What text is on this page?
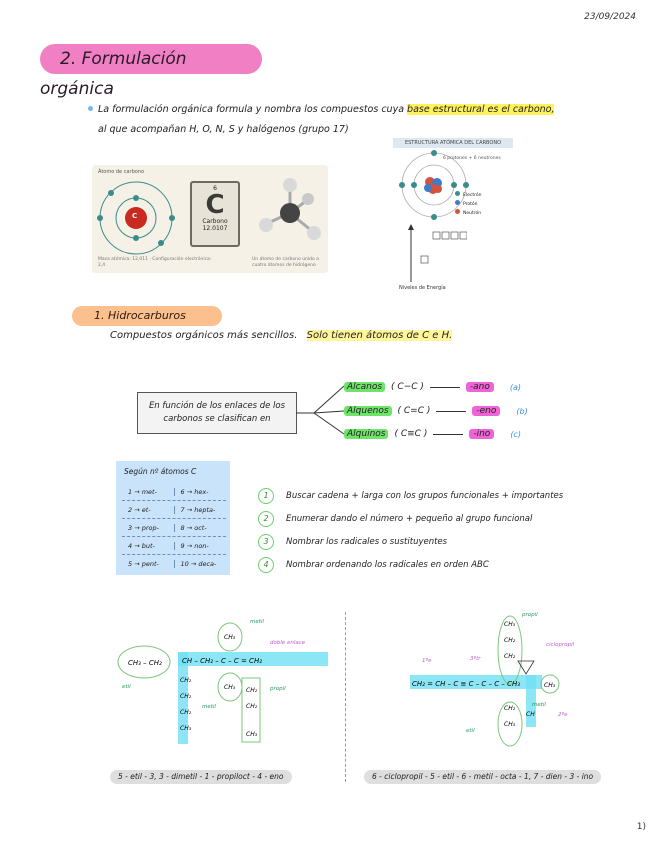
23/09/2024
2. Formulación orgánica
La formulación orgánica formula y nombra los compuestos cuya base estructural es el carbono,
al que acompañan H, O, N, S y halógenos (grupo 17)
Átomo de carbono
C
6
C
Carbono
12.0107
Masa atómica: 12,011 · Configuración electrónica: 2,4
Un átomo de carbono unido a cuatro átomos de hidrógeno
ESTRUCTURA ATÓMICA DEL CARBONO
6 protones + 6 neutrones
Electrón
Protón
Neutrón
Niveles de Energía
1. Hidrocarburos
Compuestos orgánicos más sencillos. Solo tienen átomos de C e H.
En función de los enlaces de los carbonos se clasifican en
Alcanos	( C−C )	-ano	(a)
Alquenos	( C=C )	-eno	(b)
Alquinos	( C≡C )	-ino	(c)
Según nº átomos C
1 → met-	6 → hex-
2 → et-	7 → hepta-
3 → prop-	8 → oct-
4 → but-	9 → non-
5 → pent-	10 → deca-
1	Buscar cadena + larga con los grupos funcionales + importantes
2	Enumerar dando el número + pequeño al grupo funcional
3	Nombrar los radicales o sustituyentes
4	Nombrar ordenando los radicales en orden ABC
CH₃ – CH₂	CH – CH₂ – C – C = CH₂
CH₃
CH₃
CH₂
CH₂
CH₂
CH₃
CH₂
CH₂
CH₃
metil
doble enlace
propil
etil
metil
5 - etil - 3, 3 - dimetil - 1 - propiloct - 4 - eno
CH₂ = CH – C ≡ C – C – C – CH₃
CH₃
CH₂
CH₂
CH₂
CH₃
CH
CH₃
propil
ciclopropil
1ºe	3ºtr
etil
metil
2ºe
6 - ciclopropil - 5 - etil - 6 - metil - octa - 1, 7 - dien - 3 - ino
1)
